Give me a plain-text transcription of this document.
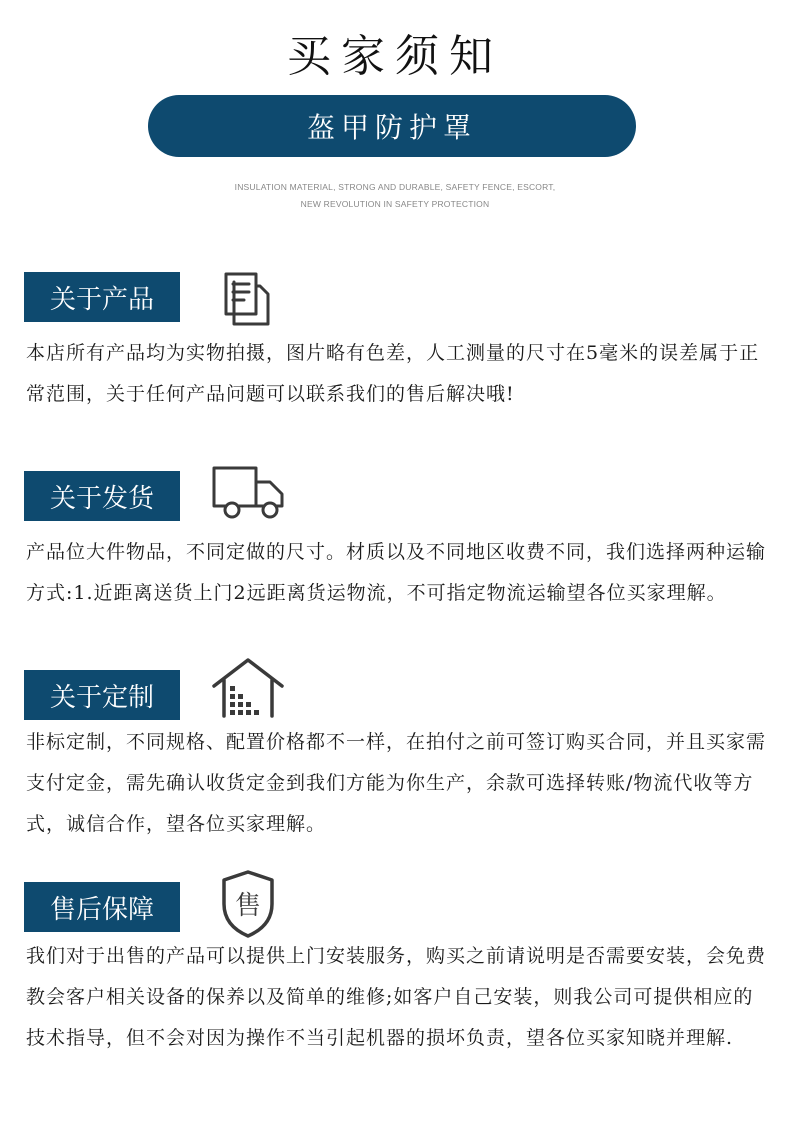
买家须知
盔甲防护罩
INSULATION MATERIAL, STRONG AND DURABLE, SAFETY FENCE, ESCORT,
NEW REVOLUTION IN SAFETY PROTECTION
关于产品
本店所有产品均为实物拍摄，图片略有色差，人工测量的尺寸在5毫米的误差属于正常范围，关于任何产品问题可以联系我们的售后解决哦!
关于发货
产品位大件物品，不同定做的尺寸。材质以及不同地区收费不同，我们选择两种运输方式:1.近距离送货上门2远距离货运物流，不可指定物流运输望各位买家理解。
关于定制
非标定制，不同规格、配置价格都不一样，在拍付之前可签订购买合同，并且买家需支付定金，需先确认收货定金到我们方能为你生产，余款可选择转账/物流代收等方式，诚信合作，望各位买家理解。
售后保障	售
我们对于出售的产品可以提供上门安装服务，购买之前请说明是否需要安装，会免费教会客户相关设备的保养以及简单的维修;如客户自己安装，则我公司可提供相应的技术指导，但不会对因为操作不当引起机器的损坏负责，望各位买家知晓并理解.
